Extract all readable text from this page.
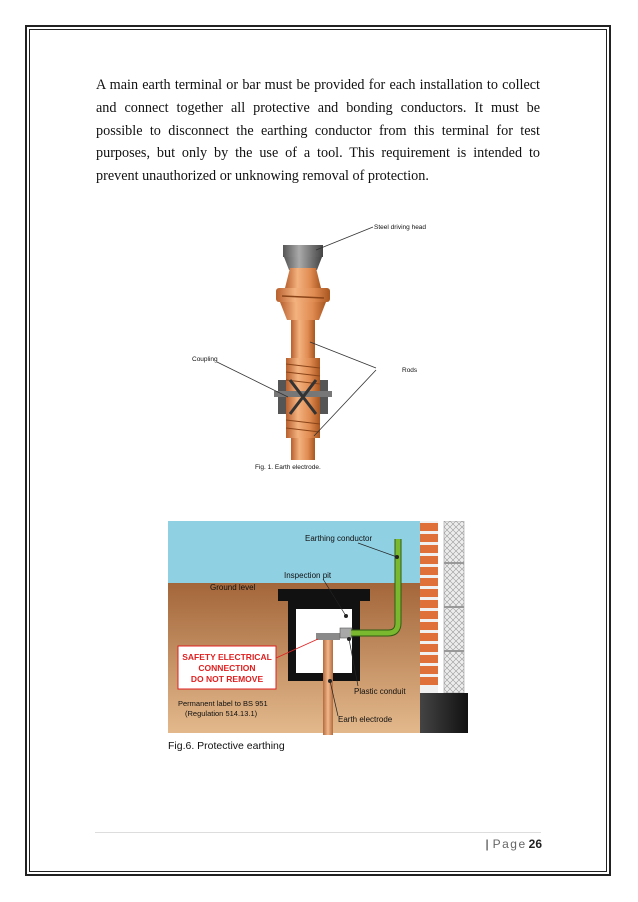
A main earth terminal or bar must be provided for each installation to collect and connect together all protective and bonding conductors. It must be possible to disconnect the earthing conductor from this terminal for test purposes, but only by the use of a tool. This requirement is intended to prevent unauthorized or unknowing removal of protection.

Steel driving head
Coupling
Rods
Fig. 1. Earth electrode.
SAFETY ELECTRICAL
CONNECTION
DO NOT REMOVE
Earthing conductor
Inspection pit
Ground level
Plastic conduit
Permanent label to BS 951
(Regulation 514.13.1)
Earth electrode
Fig.6. Protective earthing
| Page 26
